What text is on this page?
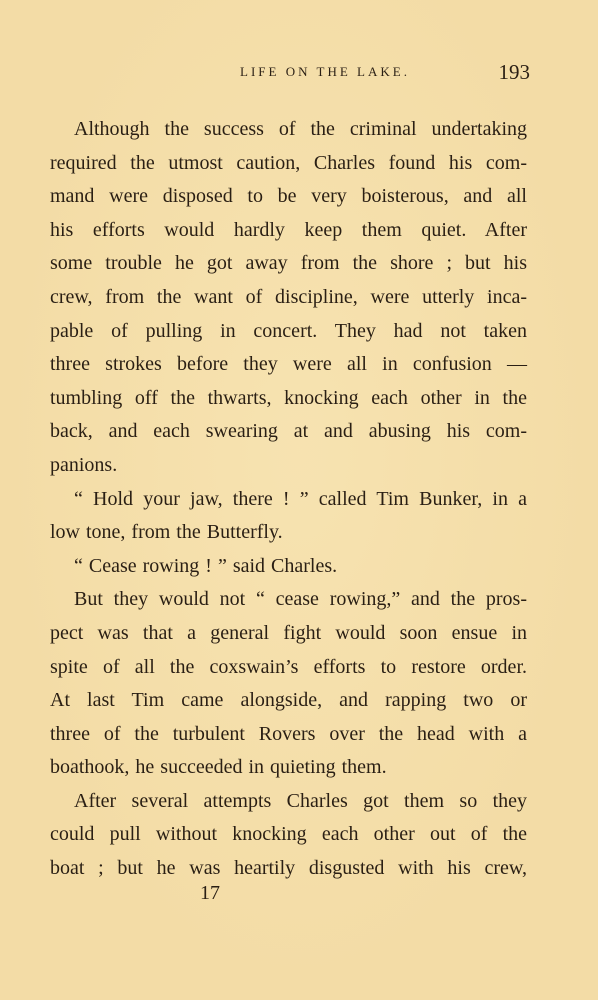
LIFE ON THE LAKE.	193
Although the success of the criminal undertaking
required the utmost caution, Charles found his com-
mand were disposed to be very boisterous, and all
his efforts would hardly keep them quiet. After
some trouble he got away from the shore ; but his
crew, from the want of discipline, were utterly inca-
pable of pulling in concert. They had not taken
three strokes before they were all in confusion —
tumbling off the thwarts, knocking each other in the
back, and each swearing at and abusing his com-
panions.
“ Hold your jaw, there ! ” called Tim Bunker, in a
low tone, from the Butterfly.
“ Cease rowing ! ” said Charles.
But they would not “ cease rowing,” and the pros-
pect was that a general fight would soon ensue in
spite of all the coxswain’s efforts to restore order.
At last Tim came alongside, and rapping two or
three of the turbulent Rovers over the head with a
boathook, he succeeded in quieting them.
After several attempts Charles got them so they
could pull without knocking each other out of the
boat ; but he was heartily disgusted with his crew,
17
